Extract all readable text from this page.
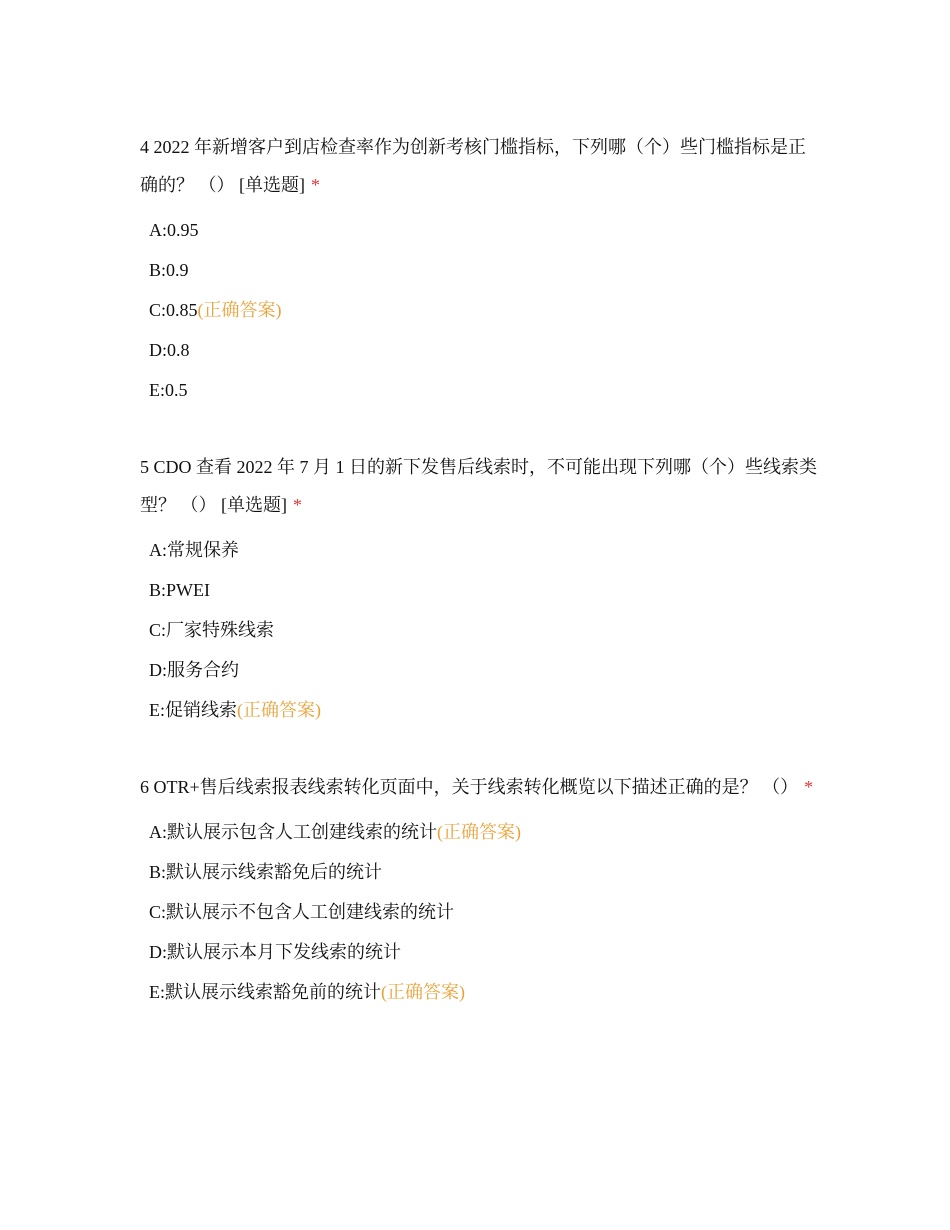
4 2022 年新增客户到店检查率作为创新考核门槛指标，下列哪（个）些门槛指标是正确的？ （） [单选题] *

A:0.95
B:0.9
C:0.85(正确答案)
D:0.8
E:0.5

5 CDO 查看 2022 年 7 月 1 日的新下发售后线索时，不可能出现下列哪（个）些线索类型？ （） [单选题] *

A:常规保养
B:PWEI
C:厂家特殊线索
D:服务合约
E:促销线索(正确答案)

6 OTR+售后线索报表线索转化页面中，关于线索转化概览以下描述正确的是？ （） *

A:默认展示包含人工创建线索的统计(正确答案)
B:默认展示线索豁免后的统计
C:默认展示不包含人工创建线索的统计
D:默认展示本月下发线索的统计
E:默认展示线索豁免前的统计(正确答案)
